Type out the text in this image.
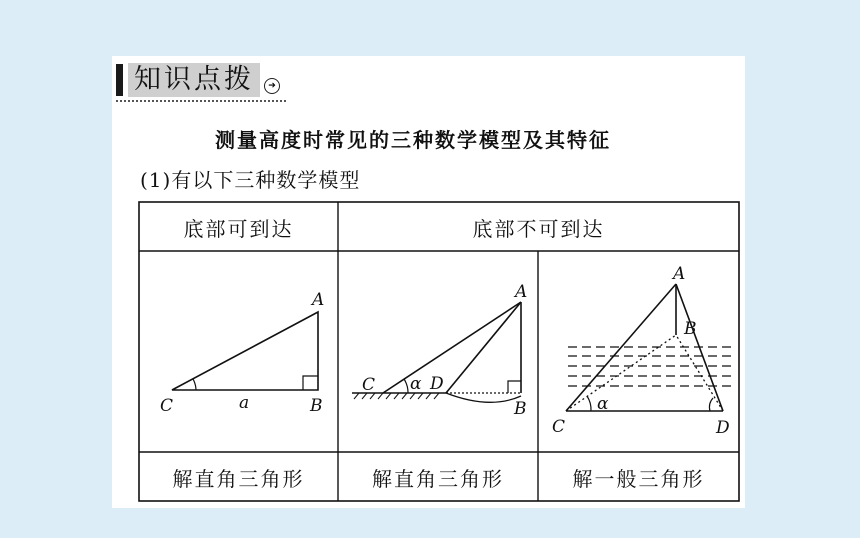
知识点拨	➔
测量高度时常见的三种数学模型及其特征
(1)有以下三种数学模型
A
B
C	a
A
B
C	D
α
A
B
C	D
α
底部可到达	底部不可到达
解直角三角形	解直角三角形	解一般三角形
